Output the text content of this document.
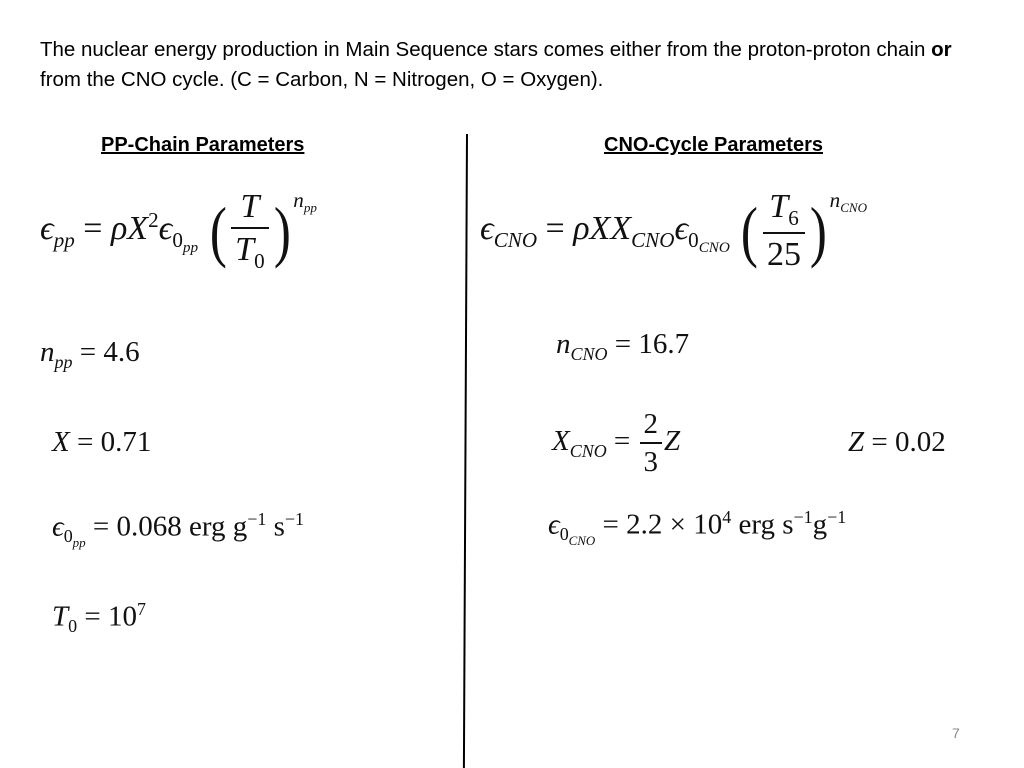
The nuclear energy production in Main Sequence stars comes either from the proton-proton chain or from the CNO cycle. (C = Carbon, N = Nitrogen, O = Oxygen).

PP-Chain Parameters	CNO-Cycle Parameters
ϵpp = ρX2ϵ0pp ( $\frac{T}{T0}$ ) npp
ϵCNO = ρXXCNOϵ0CNO ( $\frac{T6}{25}$ ) nCNO
npp = 4.6
X = 0.71
ϵ0pp = 0.068 erg g−1 s−1
T0 = 107
nCNO = 16.7
XCNO = $\frac{2}{3}$ Z	Z = 0.02
ϵ0CNO = 2.2 × 104 erg s−1g−1
7
